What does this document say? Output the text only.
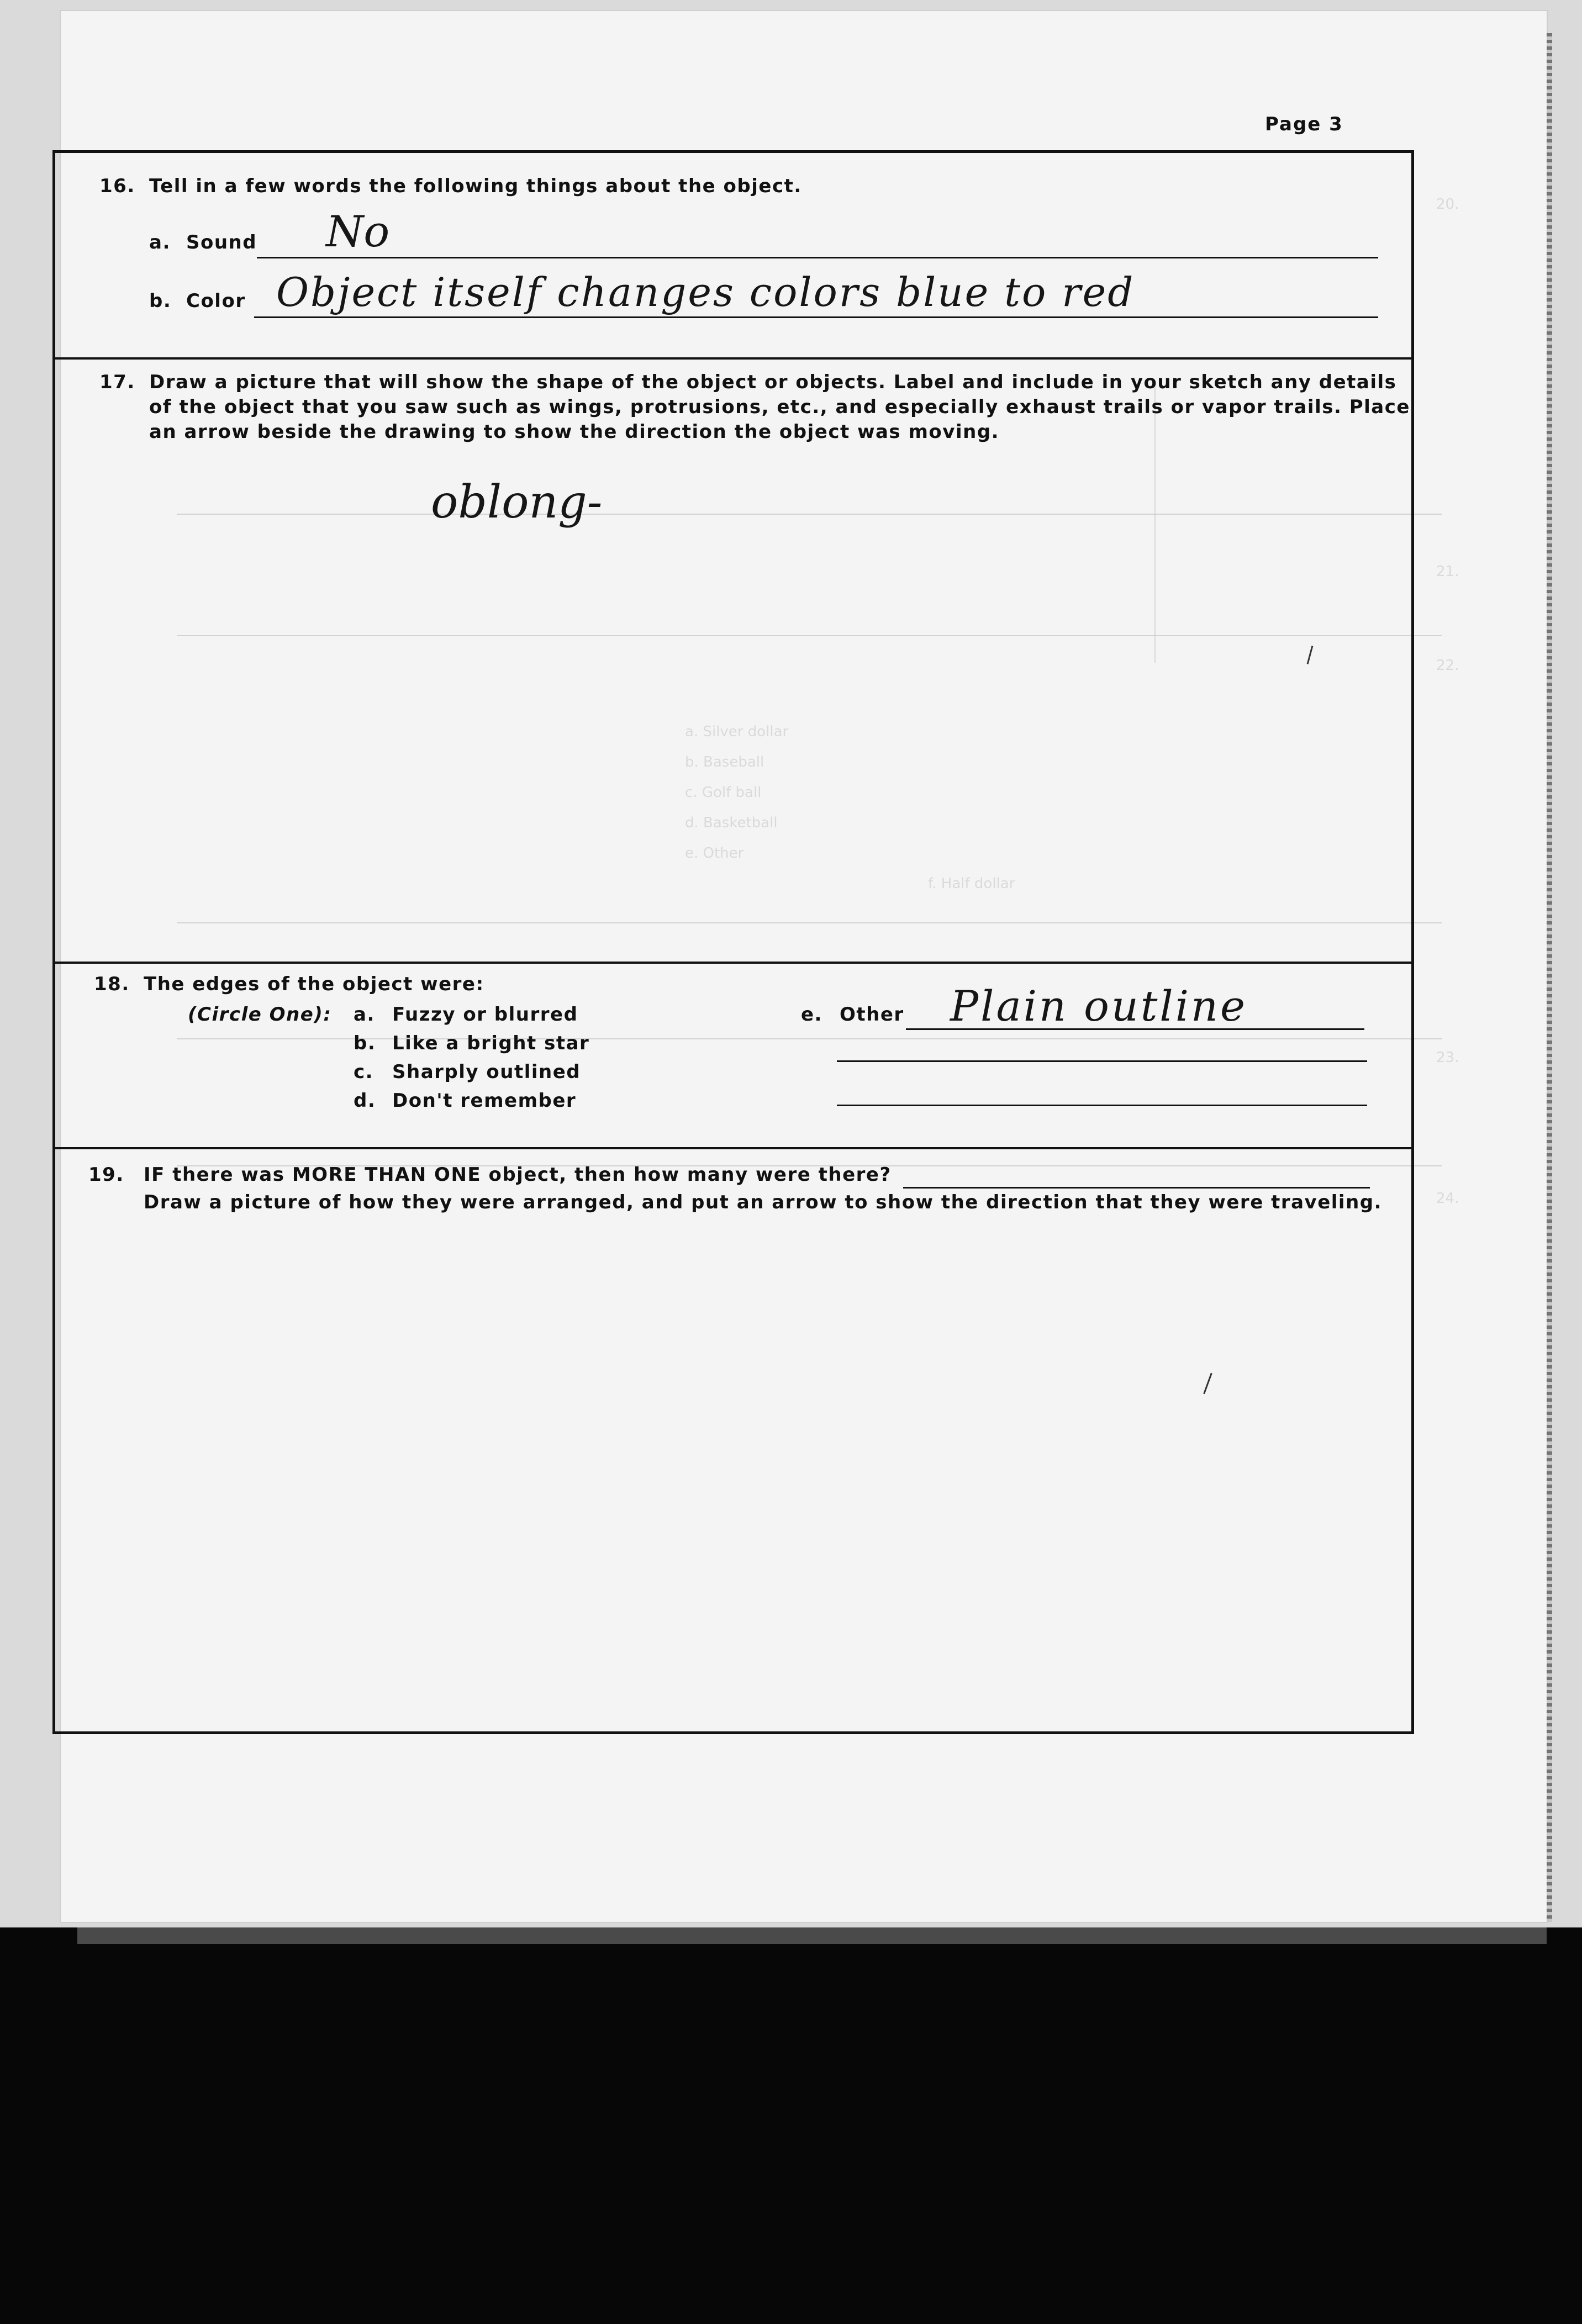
20.
21.
22.
23.
24.
a. Silver dollar
b. Baseball
c. Golf ball
d. Basketball
e. Other
f. Half dollar
Page 3
16. Tell in a few words the following things about the object.
a. Sound No
b. Color Object itself changes colors blue to red
17. Draw a picture that will show the shape of the object or objects. Label and include in your sketch any details
of the object that you saw such as wings, protrusions, etc., and especially exhaust trails or vapor trails. Place
an arrow beside the drawing to show the direction the object was moving.
oblong-
18. The edges of the object were:
(Circle One): a. Fuzzy or blurred
b. Like a bright star
c. Sharply outlined
d. Don't remember
e. Other Plain outline
19. IF there was MORE THAN ONE object, then how many were there?
Draw a picture of how they were arranged, and put an arrow to show the direction that they were traveling.
